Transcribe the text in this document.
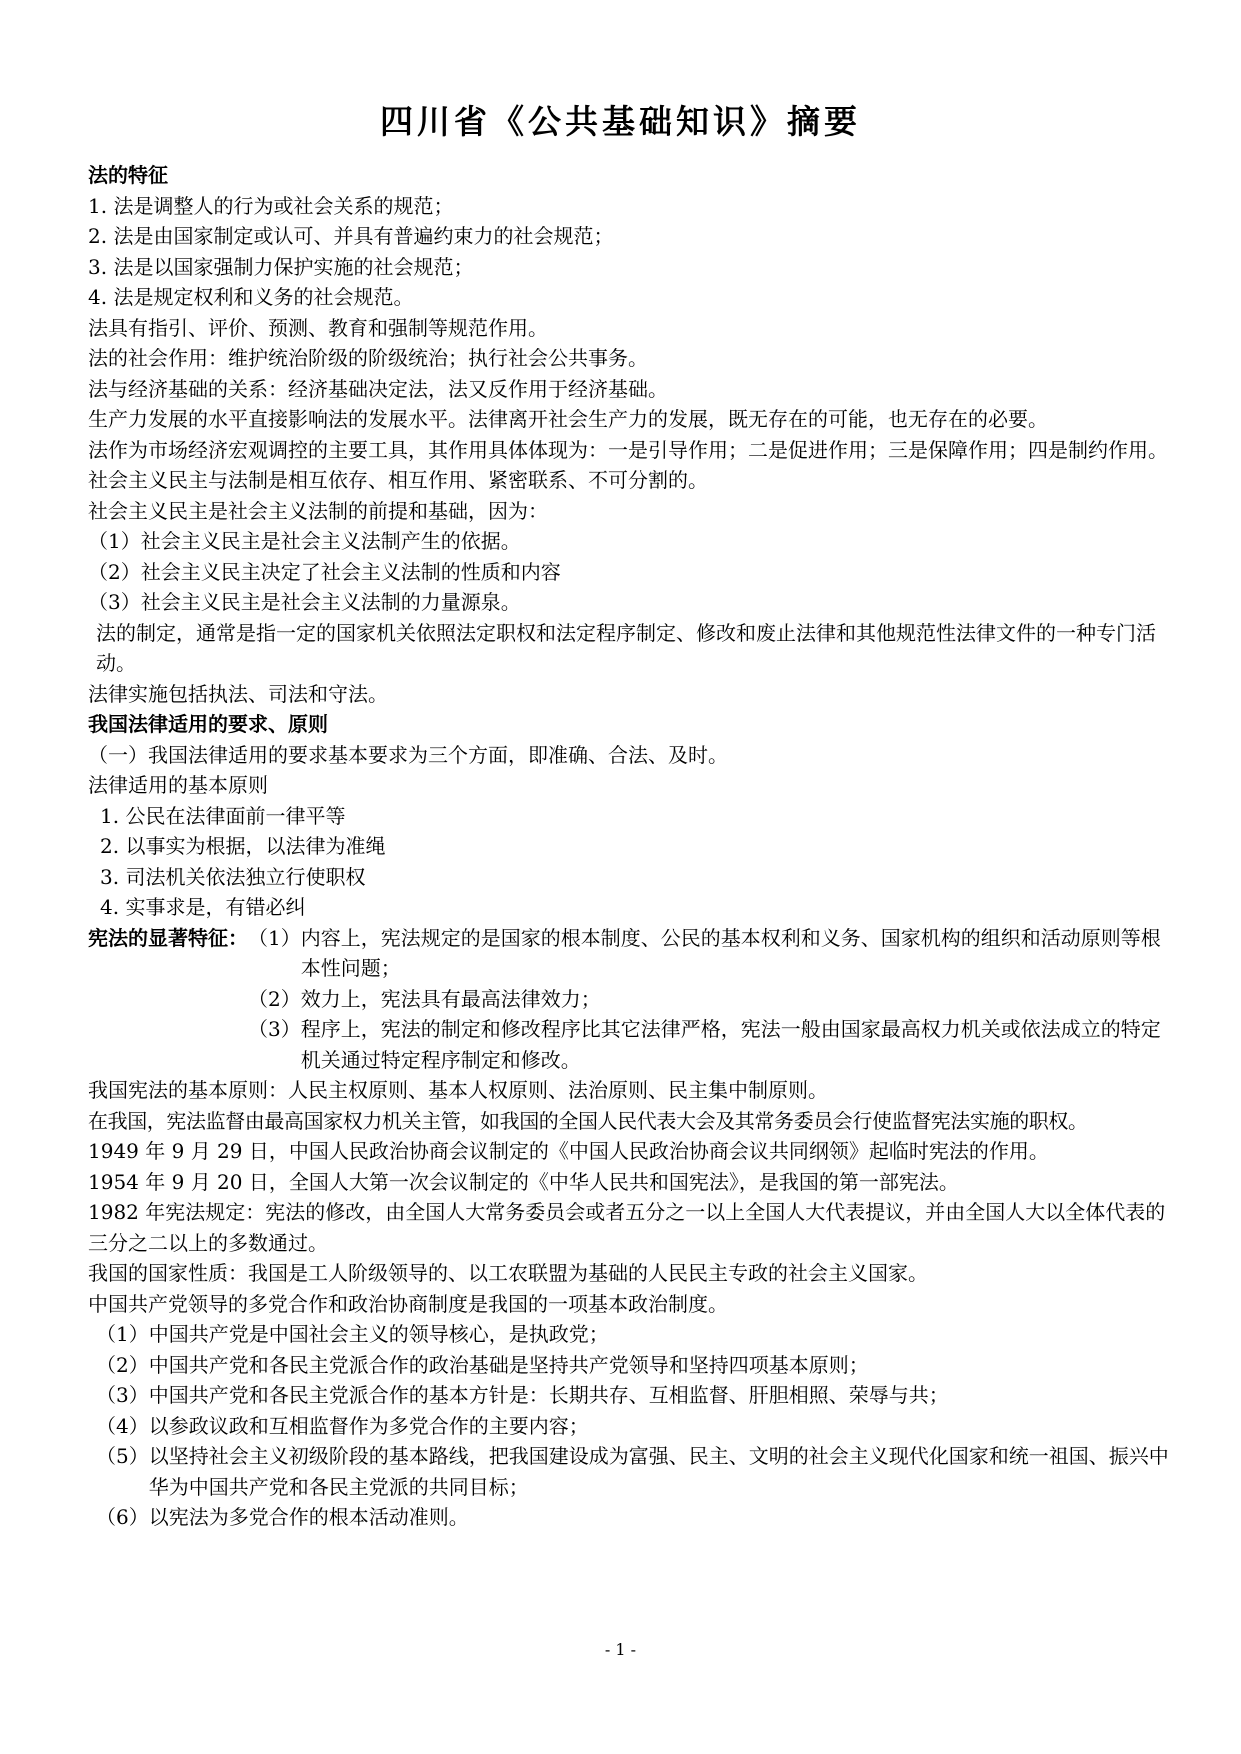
四川省《公共基础知识》摘要
法的特征
1. 法是调整人的行为或社会关系的规范；
2. 法是由国家制定或认可、并具有普遍约束力的社会规范；
3. 法是以国家强制力保护实施的社会规范；
4. 法是规定权利和义务的社会规范。
法具有指引、评价、预测、教育和强制等规范作用。
法的社会作用：维护统治阶级的阶级统治；执行社会公共事务。
法与经济基础的关系：经济基础决定法，法又反作用于经济基础。
生产力发展的水平直接影响法的发展水平。法律离开社会生产力的发展，既无存在的可能，也无存在的必要。
法作为市场经济宏观调控的主要工具，其作用具体体现为：一是引导作用；二是促进作用；三是保障作用；四是制约作用。
社会主义民主与法制是相互依存、相互作用、紧密联系、不可分割的。
社会主义民主是社会主义法制的前提和基础，因为：
（1）社会主义民主是社会主义法制产生的依据。
（2）社会主义民主决定了社会主义法制的性质和内容
（3）社会主义民主是社会主义法制的力量源泉。
法的制定，通常是指一定的国家机关依照法定职权和法定程序制定、修改和废止法律和其他规范性法律文件的一种专门活动。
法律实施包括执法、司法和守法。
我国法律适用的要求、原则
（一）我国法律适用的要求基本要求为三个方面，即准确、合法、及时。
法律适用的基本原则
1. 公民在法律面前一律平等
2. 以事实为根据，以法律为准绳
3. 司法机关依法独立行使职权
4. 实事求是，有错必纠
宪法的显著特征： （1） 内容上，宪法规定的是国家的根本制度、公民的基本权利和义务、国家机构的组织和活动原则等根本性问题；
（2） 效力上，宪法具有最高法律效力；
（3） 程序上，宪法的制定和修改程序比其它法律严格，宪法一般由国家最高权力机关或依法成立的特定机关通过特定程序制定和修改。
我国宪法的基本原则：人民主权原则、基本人权原则、法治原则、民主集中制原则。
在我国，宪法监督由最高国家权力机关主管，如我国的全国人民代表大会及其常务委员会行使监督宪法实施的职权。
1949 年 9 月 29 日，中国人民政治协商会议制定的《中国人民政治协商会议共同纲领》起临时宪法的作用。
1954 年 9 月 20 日，全国人大第一次会议制定的《中华人民共和国宪法》，是我国的第一部宪法。
1982 年宪法规定：宪法的修改，由全国人大常务委员会或者五分之一以上全国人大代表提议，并由全国人大以全体代表的三分之二以上的多数通过。
我国的国家性质：我国是工人阶级领导的、以工农联盟为基础的人民民主专政的社会主义国家。
中国共产党领导的多党合作和政治协商制度是我国的一项基本政治制度。
（1） 中国共产党是中国社会主义的领导核心，是执政党；
（2） 中国共产党和各民主党派合作的政治基础是坚持共产党领导和坚持四项基本原则；
（3） 中国共产党和各民主党派合作的基本方针是：长期共存、互相监督、肝胆相照、荣辱与共；
（4） 以参政议政和互相监督作为多党合作的主要内容；
（5） 以坚持社会主义初级阶段的基本路线，把我国建设成为富强、民主、文明的社会主义现代化国家和统一祖国、振兴中华为中国共产党和各民主党派的共同目标；
（6） 以宪法为多党合作的根本活动准则。
- 1 -
